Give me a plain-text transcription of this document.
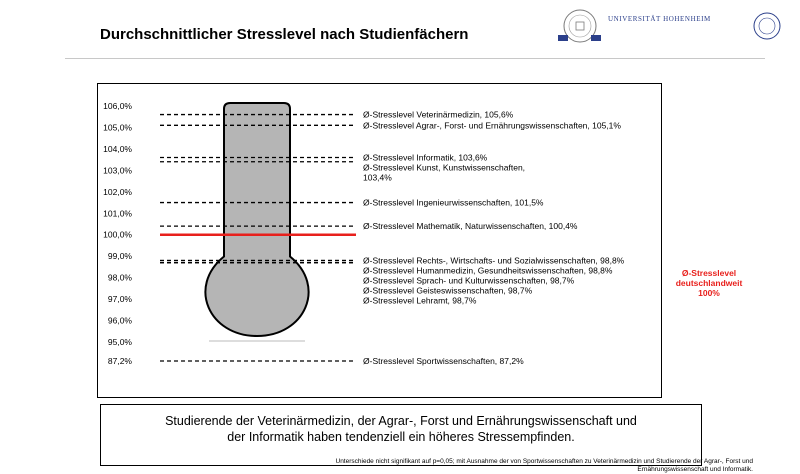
Durchschnittlicher Stresslevel nach Studienfächern
UNIVERSITÄT HOHENHEIM
106,0%
105,0%
104,0%
103,0%
102,0%
101,0%
100,0%
99,0%
98,0%
97,0%
96,0%
95,0%
87,2%
Ø-Stresslevel Veterinärmedizin, 105,6%
Ø-Stresslevel Agrar-, Forst- und Ernährungswissenschaften, 105,1%
Ø-Stresslevel Informatik, 103,6%
Ø-Stresslevel Kunst, Kunstwissenschaften,
103,4%
Ø-Stresslevel Ingenieurwissenschaften, 101,5%
Ø-Stresslevel Mathematik, Naturwissenschaften, 100,4%
Ø-Stresslevel Rechts-, Wirtschafts- und Sozialwissenschaften, 98,8%
Ø-Stresslevel Humanmedizin, Gesundheitswissenschaften, 98,8%
Ø-Stresslevel Sprach- und Kulturwissenschaften, 98,7%
Ø-Stresslevel Geisteswissenschaften, 98,7%
Ø-Stresslevel Lehramt, 98,7%
Ø-Stresslevel Sportwissenschaften, 87,2%
Ø-Stresslevel deutschlandweit 100%
Unterschiede nicht signifikant auf p=0,05; mit Ausnahme der von Sportwissenschaften zu Veterinärmedizin und Studierende der Agrar-, Forst und Ernährungswissenschaft und Informatik.
Studierende der Veterinärmedizin, der Agrar-, Forst und Ernährungswissenschaft und
der Informatik haben tendenziell ein höheres Stressempfinden.
